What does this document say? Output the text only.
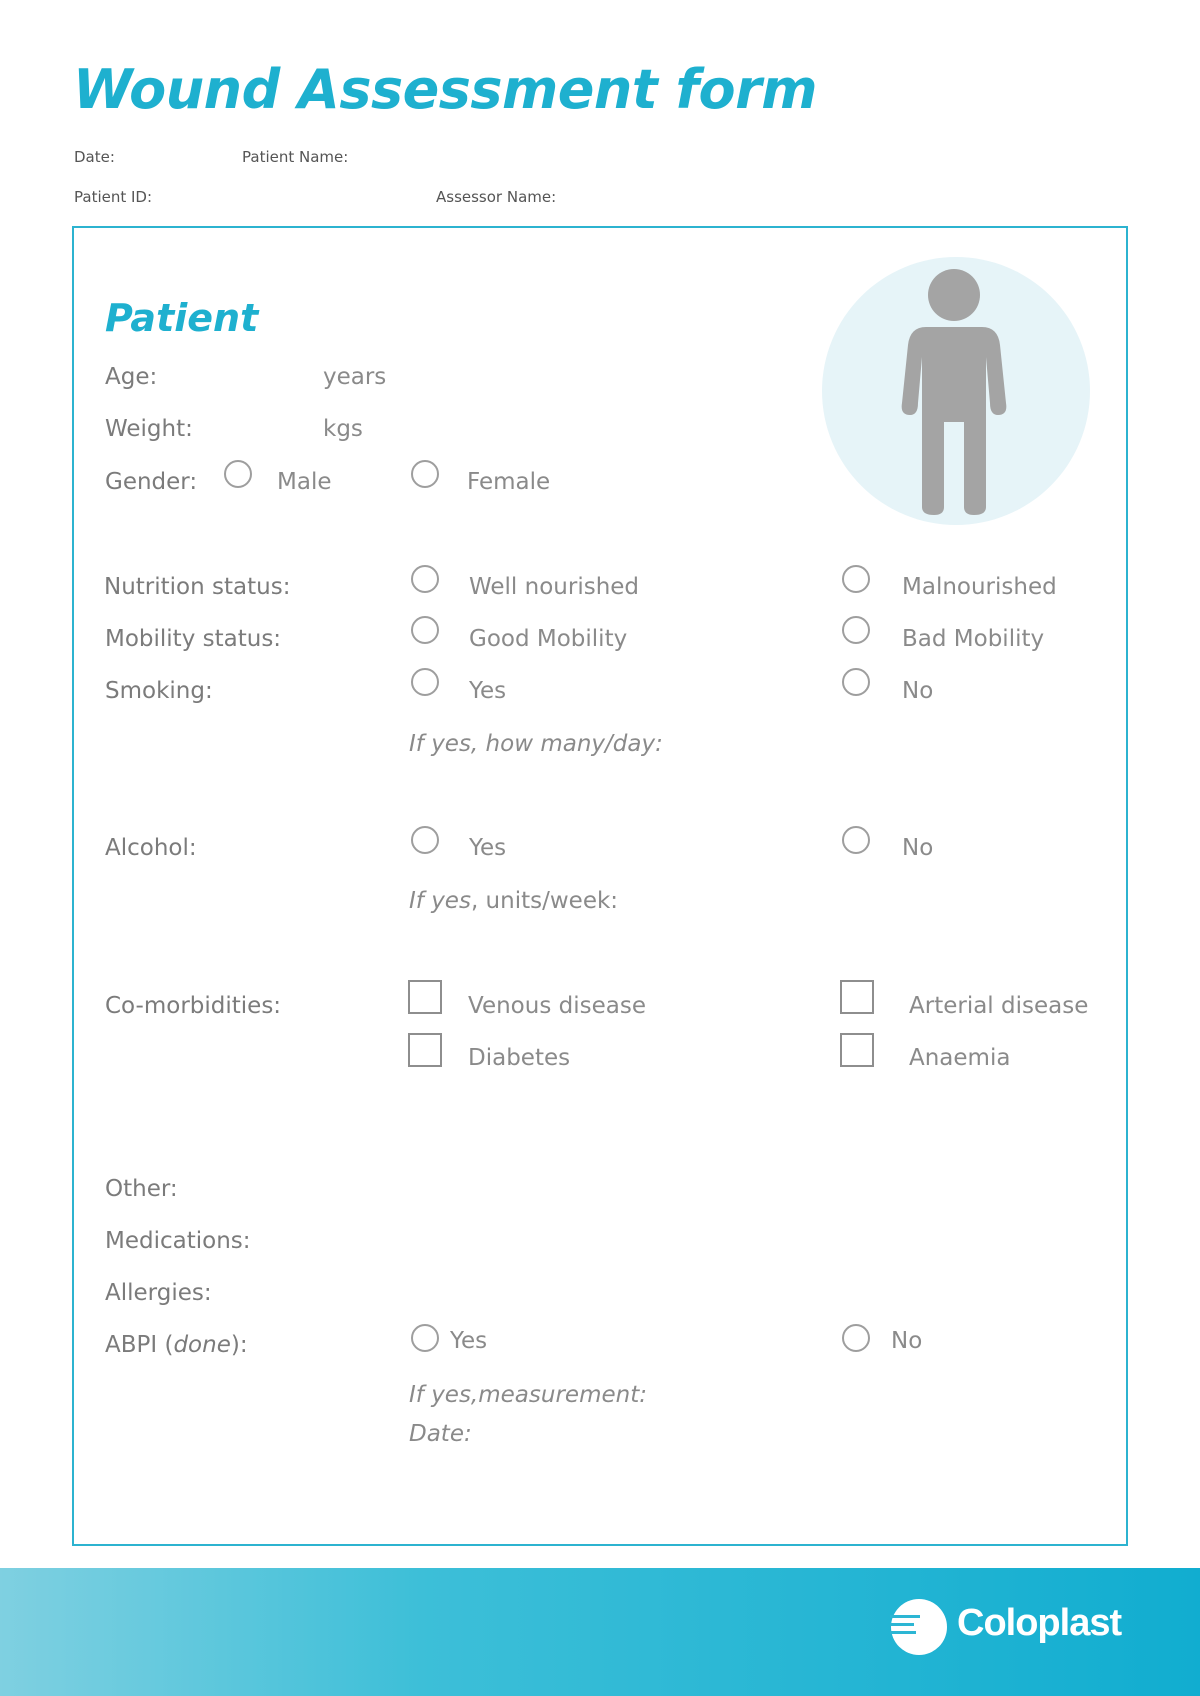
Wound Assessment form
Date:	Patient Name:
Patient ID:	Assessor Name:
Patient
Age:	years
Weight:	kgs
Gender:	Male	Female
Nutrition status:	Well nourished	Malnourished
Mobility status:	Good Mobility	Bad Mobility
Smoking:	Yes	No
If yes, how many/day:
Alcohol:	Yes	No
If yes, units/week:
Co-morbidities:	Venous disease	Arterial disease
Diabetes	Anaemia
Other:
Medications:
Allergies:
ABPI (done):	Yes	No
If yes,measurement:
Date:
Coloplast
